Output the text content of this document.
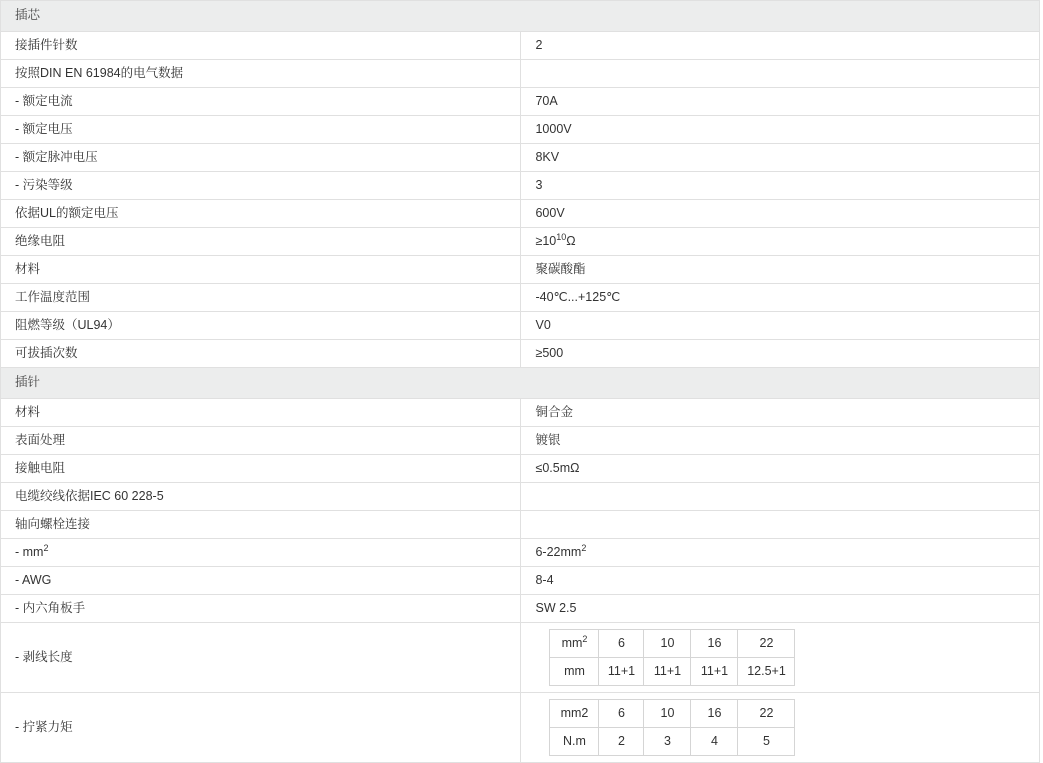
插芯
接插件针数	2
按照DIN EN 61984的电气数据	
- 额定电流	70A
- 额定电压	1000V
- 额定脉冲电压	8KV
- 污染等级	3
依据UL的额定电压	600V
绝缘电阻	$\ge 10^{10}\Omega$
材料	聚碳酸酯
工作温度范围	-40℃...+125℃
阻燃等级（UL94）	V0
可拔插次数	≥500
插针
材料	铜合金
表面处理	镀银
接触电阻	≤0.5mΩ
电缆绞线依据IEC 60 228-5	
轴向螺栓连接	
- $mm^2$	$6-22mm^2$
- AWG	8-4
- 内六角板手	SW 2.5
- 剥线长度	
$mm^2$	6	10	16	22
mm	11+1	11+1	11+1	12.5+1

- 拧紧力矩	
mm2	6	10	16	22
N.m	2	3	4	5
